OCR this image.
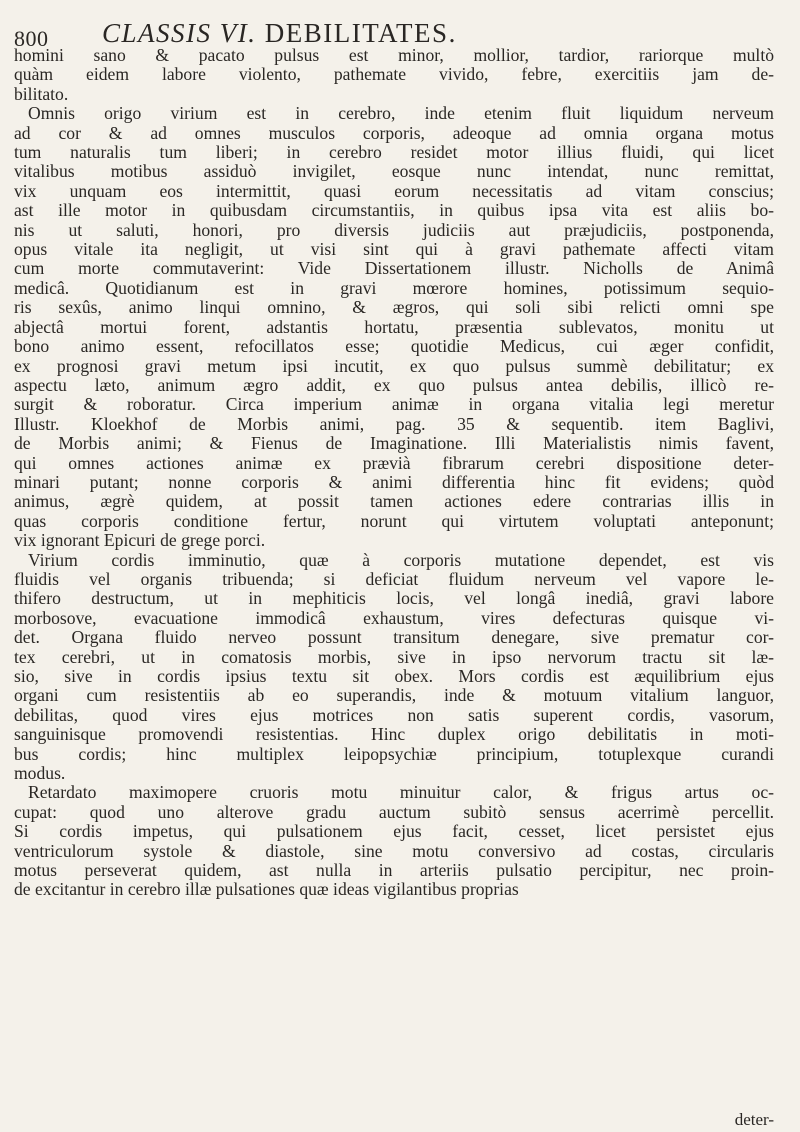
800 CLASSIS VI. DEBILITATES.
homini sano & pacato pulsus est minor, mollior, tardior, rariorque multò
quàm eidem labore violento, pathemate vivido, febre, exercitiis jam de-
bilitato.
Omnis origo virium est in cerebro, inde etenim fluit liquidum nerveum
ad cor & ad omnes musculos corporis, adeoque ad omnia organa motus
tum naturalis tum liberi; in cerebro residet motor illius fluidi, qui licet
vitalibus motibus assiduò invigilet, eosque nunc intendat, nunc remittat,
vix unquam eos intermittit, quasi eorum necessitatis ad vitam conscius;
ast ille motor in quibusdam circumstantiis, in quibus ipsa vita est aliis bo-
nis ut saluti, honori, pro diversis judiciis aut præjudiciis, postponenda,
opus vitale ita negligit, ut visi sint qui à gravi pathemate affecti vitam
cum morte commutaverint: Vide Dissertationem illustr. Nicholls de Animâ
medicâ. Quotidianum est in gravi mœrore homines, potissimum sequio-
ris sexûs, animo linqui omnino, & ægros, qui soli sibi relicti omni spe
abjectâ mortui forent, adstantis hortatu, præsentia sublevatos, monitu ut
bono animo essent, refocillatos esse; quotidie Medicus, cui æger confidit,
ex prognosi gravi metum ipsi incutit, ex quo pulsus summè debilitatur; ex
aspectu læto, animum ægro addit, ex quo pulsus antea debilis, illicò re-
surgit & roboratur. Circa imperium animæ in organa vitalia legi meretur
Illustr. Kloekhof de Morbis animi, pag. 35 & sequentib. item Baglivi,
de Morbis animi; & Fienus de Imaginatione. Illi Materialistis nimis favent,
qui omnes actiones animæ ex prævià fibrarum cerebri dispositione deter-
minari putant; nonne corporis & animi differentia hinc fit evidens; quòd
animus, ægrè quidem, at possit tamen actiones edere contrarias illis in
quas corporis conditione fertur, norunt qui virtutem voluptati anteponunt;
vix ignorant Epicuri de grege porci.
Virium cordis imminutio, quæ à corporis mutatione dependet, est vis
fluidis vel organis tribuenda; si deficiat fluidum nerveum vel vapore le-
thifero destructum, ut in mephiticis locis, vel longâ inediâ, gravi labore
morbosove, evacuatione immodicâ exhaustum, vires defecturas quisque vi-
det. Organa fluido nerveo possunt transitum denegare, sive prematur cor-
tex cerebri, ut in comatosis morbis, sive in ipso nervorum tractu sit læ-
sio, sive in cordis ipsius textu sit obex. Mors cordis est æquilibrium ejus
organi cum resistentiis ab eo superandis, inde & motuum vitalium languor,
debilitas, quod vires ejus motrices non satis superent cordis, vasorum,
sanguinisque promovendi resistentias. Hinc duplex origo debilitatis in moti-
bus cordis; hinc multiplex leipopsychiæ principium, totuplexque curandi
modus.
Retardato maximopere cruoris motu minuitur calor, & frigus artus oc-
cupat: quod uno alterove gradu auctum subitò sensus acerrimè percellit.
Si cordis impetus, qui pulsationem ejus facit, cesset, licet persistet ejus
ventriculorum systole & diastole, sine motu conversivo ad costas, circularis
motus perseverat quidem, ast nulla in arteriis pulsatio percipitur, nec proin-
de excitantur in cerebro illæ pulsationes quæ ideas vigilantibus proprias
deter-
